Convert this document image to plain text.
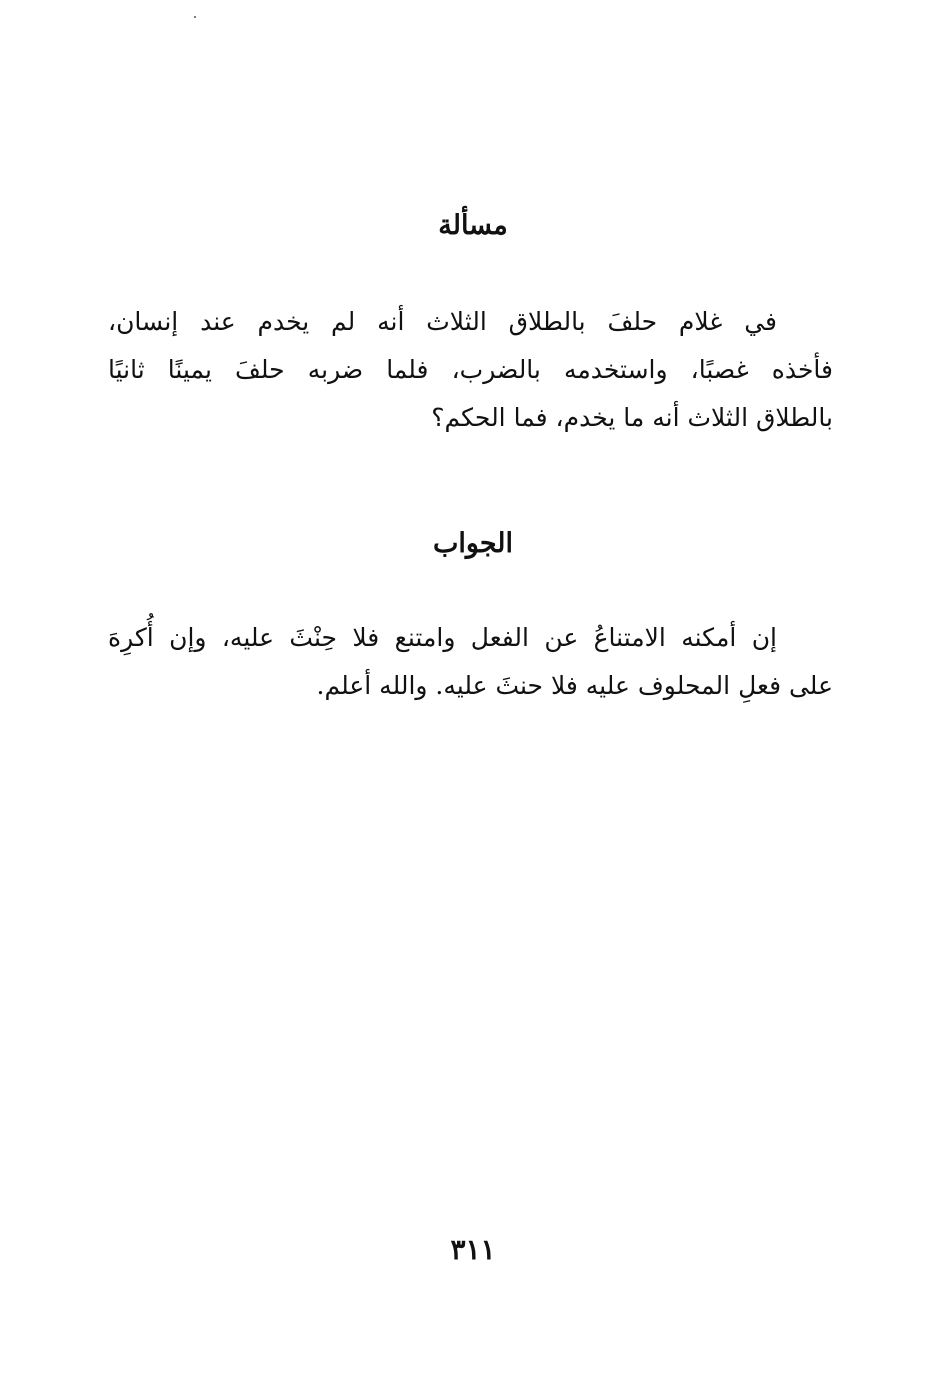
مسألة
في غلام حلفَ بالطلاق الثلاث أنه لم يخدم عند إنسان،
فأخذه غصبًا، واستخدمه بالضرب، فلما ضربه حلفَ يمينًا ثانيًا
بالطلاق الثلاث أنه ما يخدم، فما الحكم؟
الجواب
إن أمكنه الامتناعُ عن الفعل وامتنع فلا حِنْثَ عليه، وإن أُكرِهَ
على فعلِ المحلوف عليه فلا حنثَ عليه. والله أعلم.
٣١١
